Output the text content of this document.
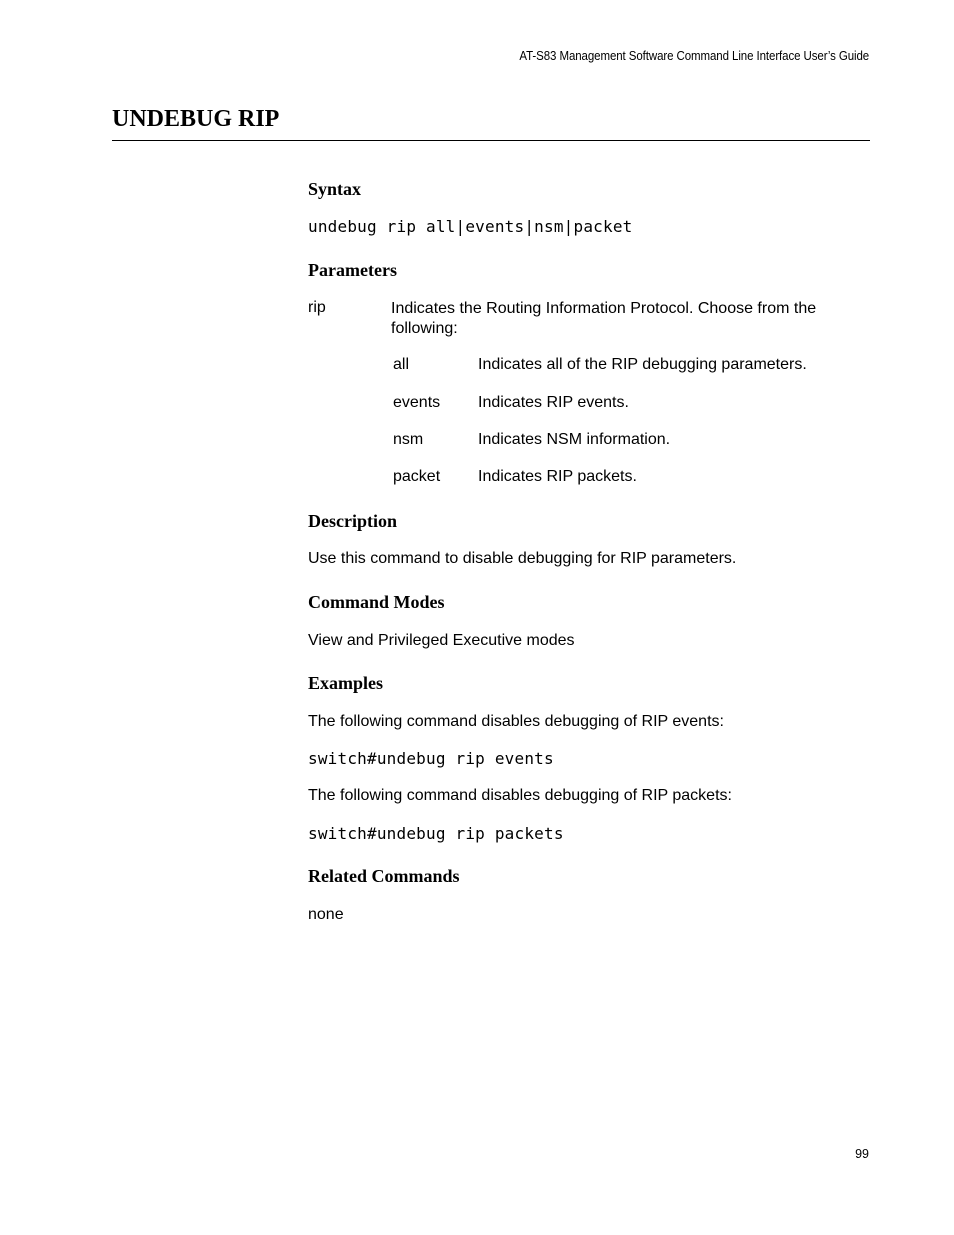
AT-S83 Management Software Command Line Interface User’s Guide
UNDEBUG RIP
Syntax
undebug rip all|events|nsm|packet
Parameters
rip	Indicates the Routing Information Protocol. Choose from the following:
all	Indicates all of the RIP debugging parameters.
events Indicates RIP events.
nsm	Indicates NSM information.
packet Indicates RIP packets.
Description
Use this command to disable debugging for RIP parameters.
Command Modes
View and Privileged Executive modes
Examples
The following command disables debugging of RIP events:
switch#undebug rip events
The following command disables debugging of RIP packets:
switch#undebug rip packets
Related Commands
none
99
